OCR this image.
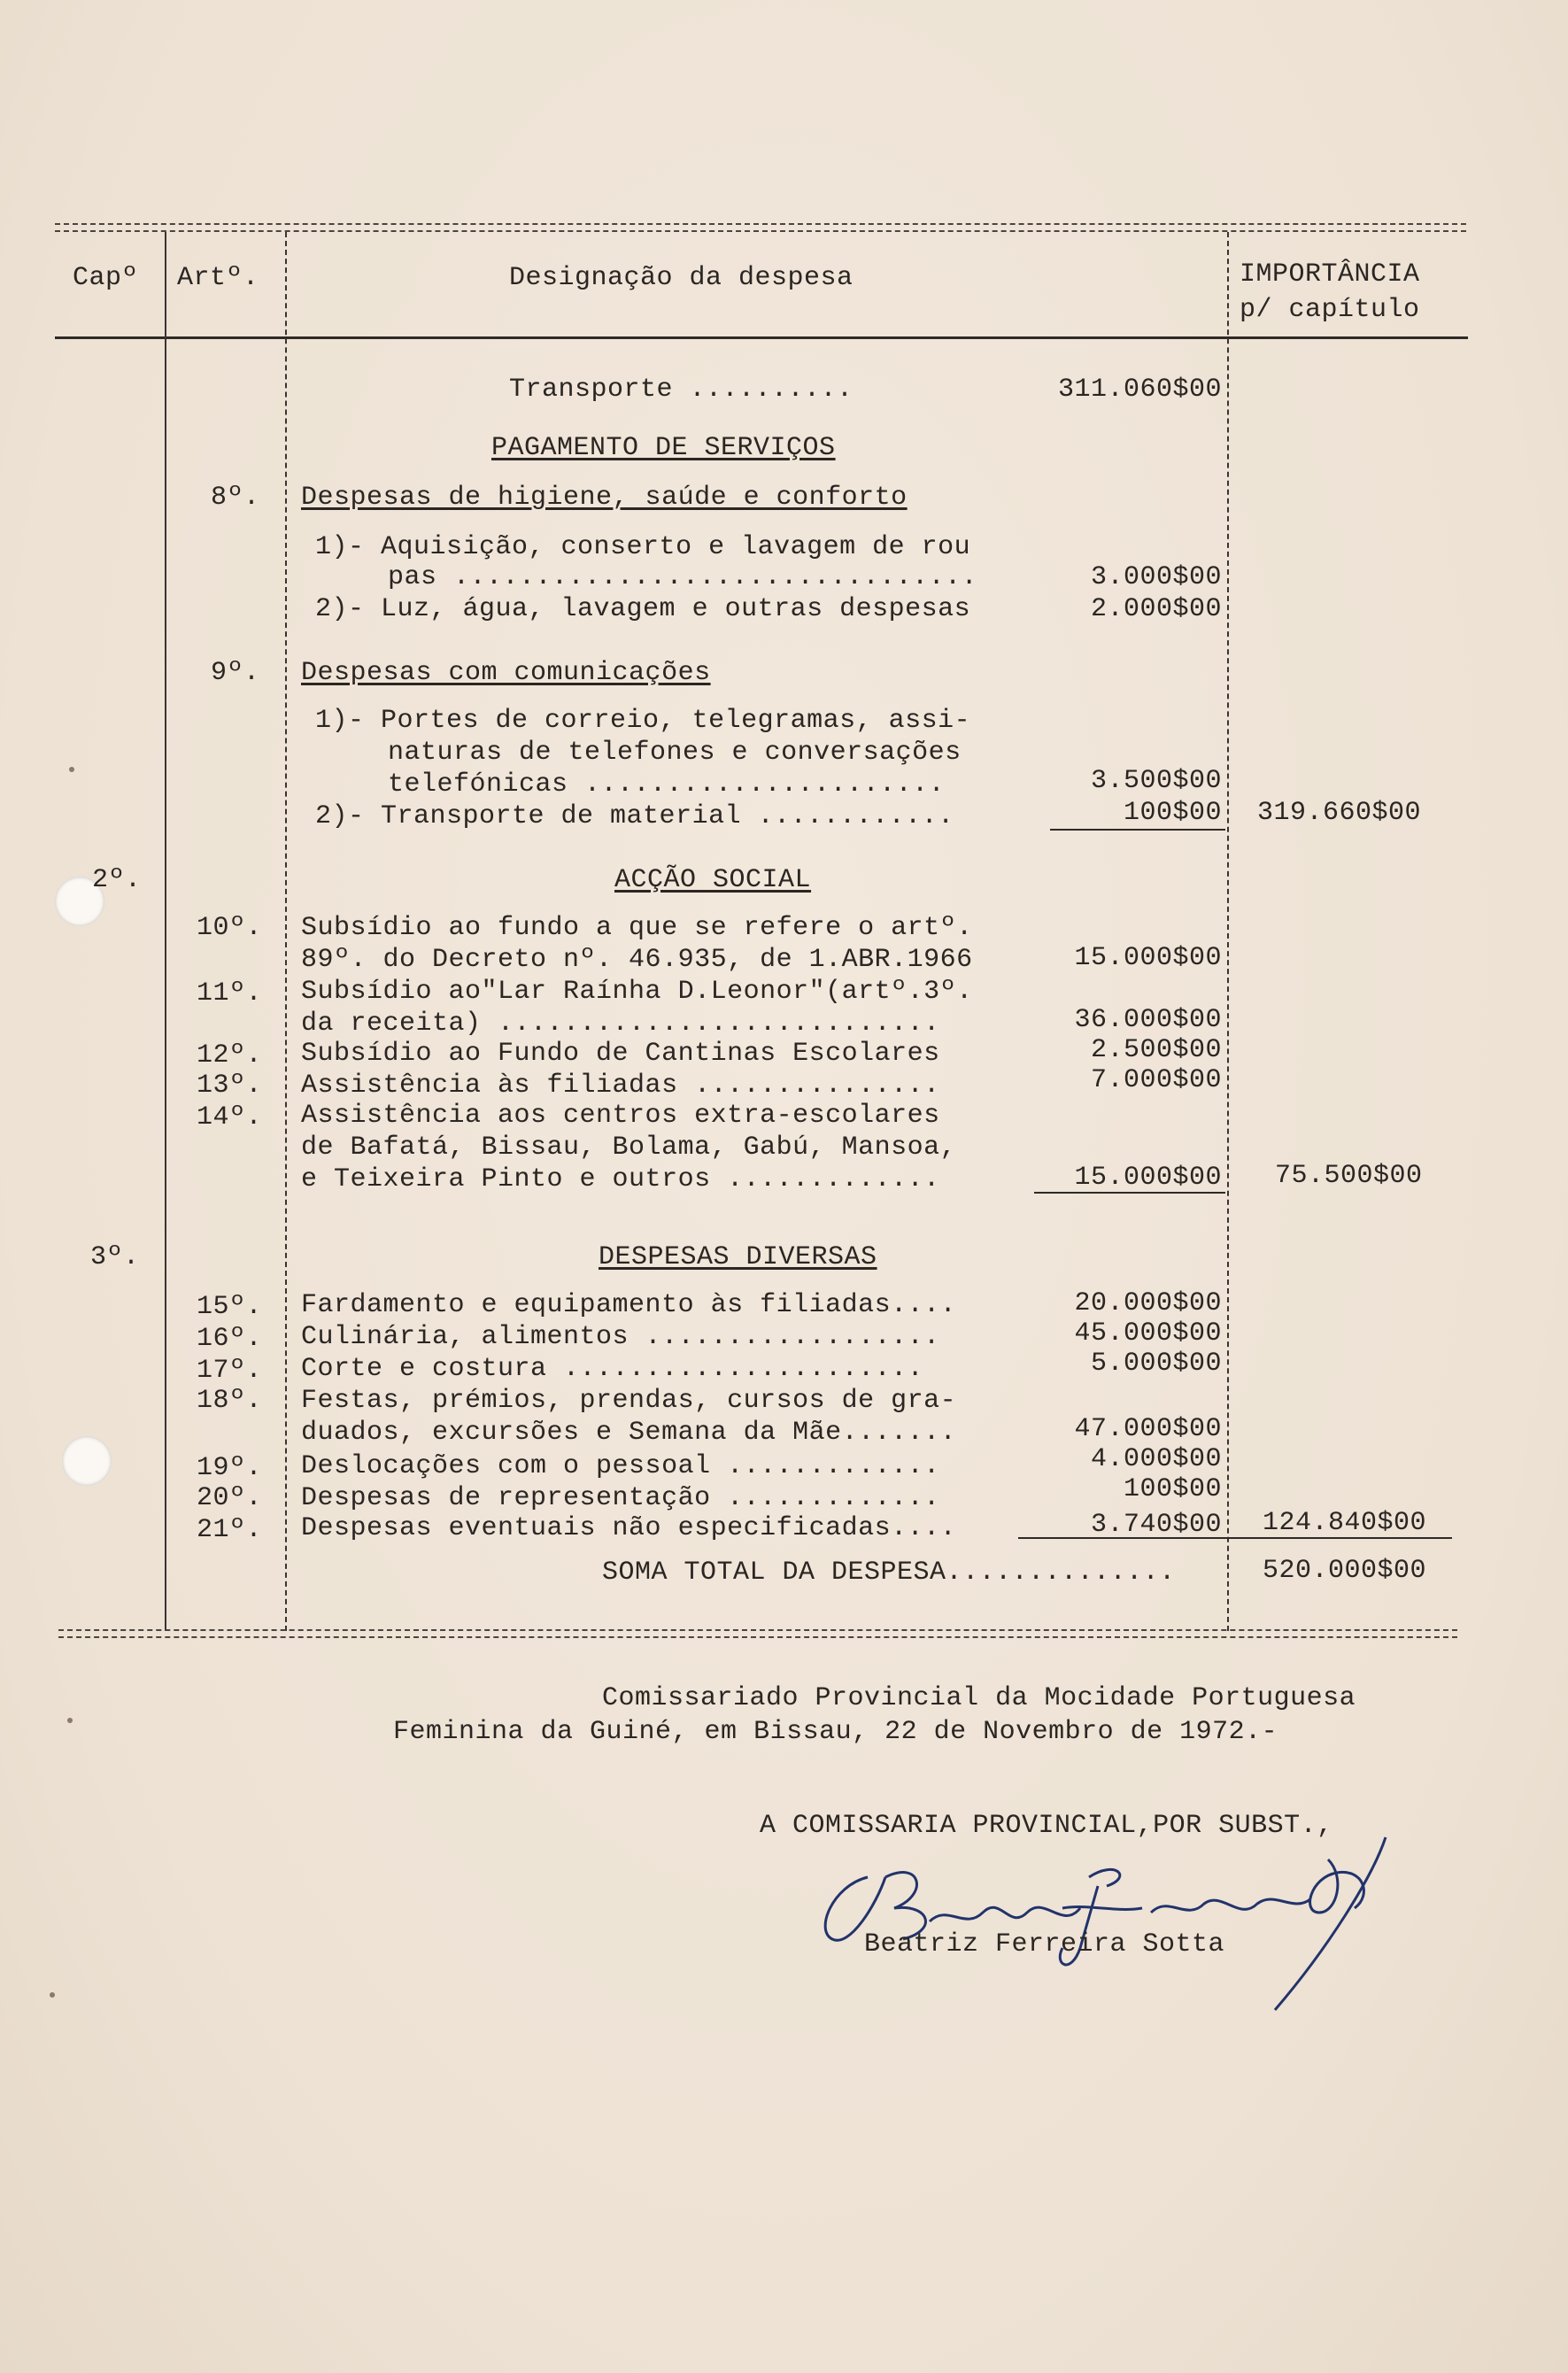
Capº Artº.	Designação da despesa	IMPORTÂNCIA
p/ capítulo
Transporte ..........	311.060$00
PAGAMENTO DE SERVIÇOS
8º. Despesas de higiene, saúde e conforto
1)- Aquisição, conserto e lavagem de rou
pas ................................	3.000$00
2)- Luz, água, lavagem e outras despesas	2.000$00
9º. Despesas com comunicações
1)- Portes de correio, telegramas, assi-
naturas de telefones e conversações
telefónicas ......................	3.500$00
2)- Transporte de material ............	100$00 319.660$00
2º.	ACÇÃO SOCIAL
10º. Subsídio ao fundo a que se refere o artº.
89º. do Decreto nº. 46.935, de 1.ABR.1966	15.000$00
11º. Subsídio ao"Lar Raínha D.Leonor"(artº.3º.
da receita) ...........................	36.000$00
12º. Subsídio ao Fundo de Cantinas Escolares	2.500$00
13º. Assistência às filiadas ...............	7.000$00
14º. Assistência aos centros extra-escolares
de Bafatá, Bissau, Bolama, Gabú, Mansoa,
e Teixeira Pinto e outros .............	15.000$00 75.500$00
3º.	DESPESAS DIVERSAS
15º. Fardamento e equipamento às filiadas....	20.000$00
16º. Culinária, alimentos ..................	45.000$00
17º. Corte e costura ......................	5.000$00
18º. Festas, prémios, prendas, cursos de gra-
duados, excursões e Semana da Mãe.......	47.000$00
19º. Deslocações com o pessoal .............	4.000$00
20º. Despesas de representação .............	100$00
21º. Despesas eventuais não especificadas....	3.740$00 124.840$00
SOMA TOTAL DA DESPESA..............	520.000$00
Comissariado Provincial da Mocidade Portuguesa
Feminina da Guiné, em Bissau, 22 de Novembro de 1972.-
A COMISSARIA PROVINCIAL,POR SUBST.,
Beatriz Ferreira Sotta
